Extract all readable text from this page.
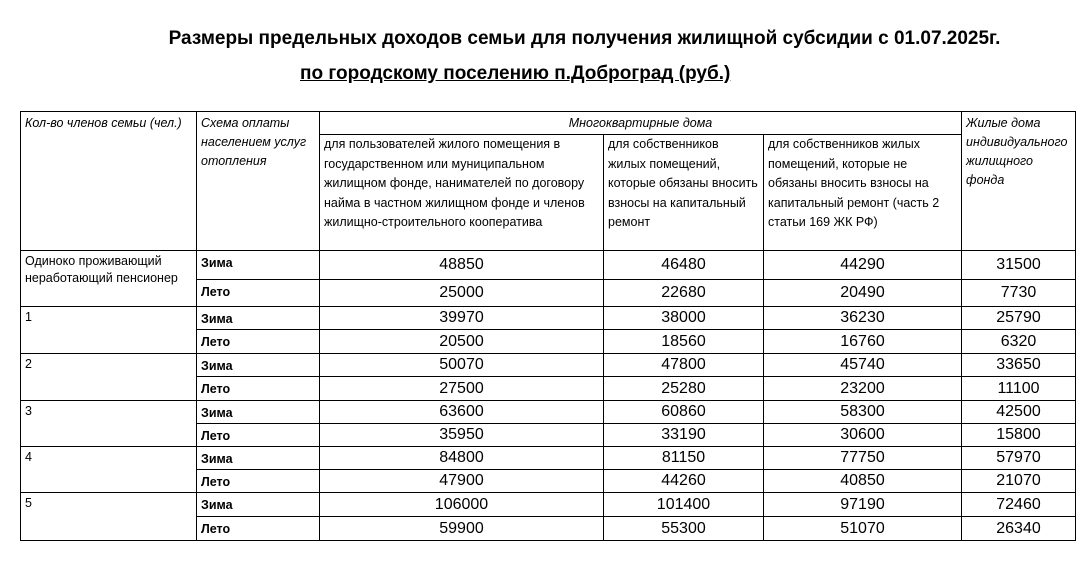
Размеры предельных доходов семьи для получения жилищной субсидии с 01.07.2025г.
по городскому поселению п.Доброград (руб.)
Кол-во членов семьи (чел.)	Схема оплаты населением услуг отопления	Многоквартирные дома			Жилые дома индивидуального жилищного фонда
		для пользователей жилого помещения в государственном или муниципальном жилищном фонде, нанимателей по договору найма в частном жилищном фонде и членов жилищно-строительного кооператива	для собственников жилых помещений, которые обязаны вносить взносы на капитальный ремонт	для собственников жилых помещений, которые не обязаны вносить взносы на капитальный ремонт (часть 2 статьи 169 ЖК РФ)	
Одиноко проживающий неработающий пенсионер	Зима	48850	46480	44290	31500
	Лето	25000	22680	20490	7730
1	Зима	39970	38000	36230	25790
	Лето	20500	18560	16760	6320
2	Зима	50070	47800	45740	33650
	Лето	27500	25280	23200	11100
3	Зима	63600	60860	58300	42500
	Лето	35950	33190	30600	15800
4	Зима	84800	81150	77750	57970
	Лето	47900	44260	40850	21070
5	Зима	106000	101400	97190	72460
	Лето	59900	55300	51070	26340
